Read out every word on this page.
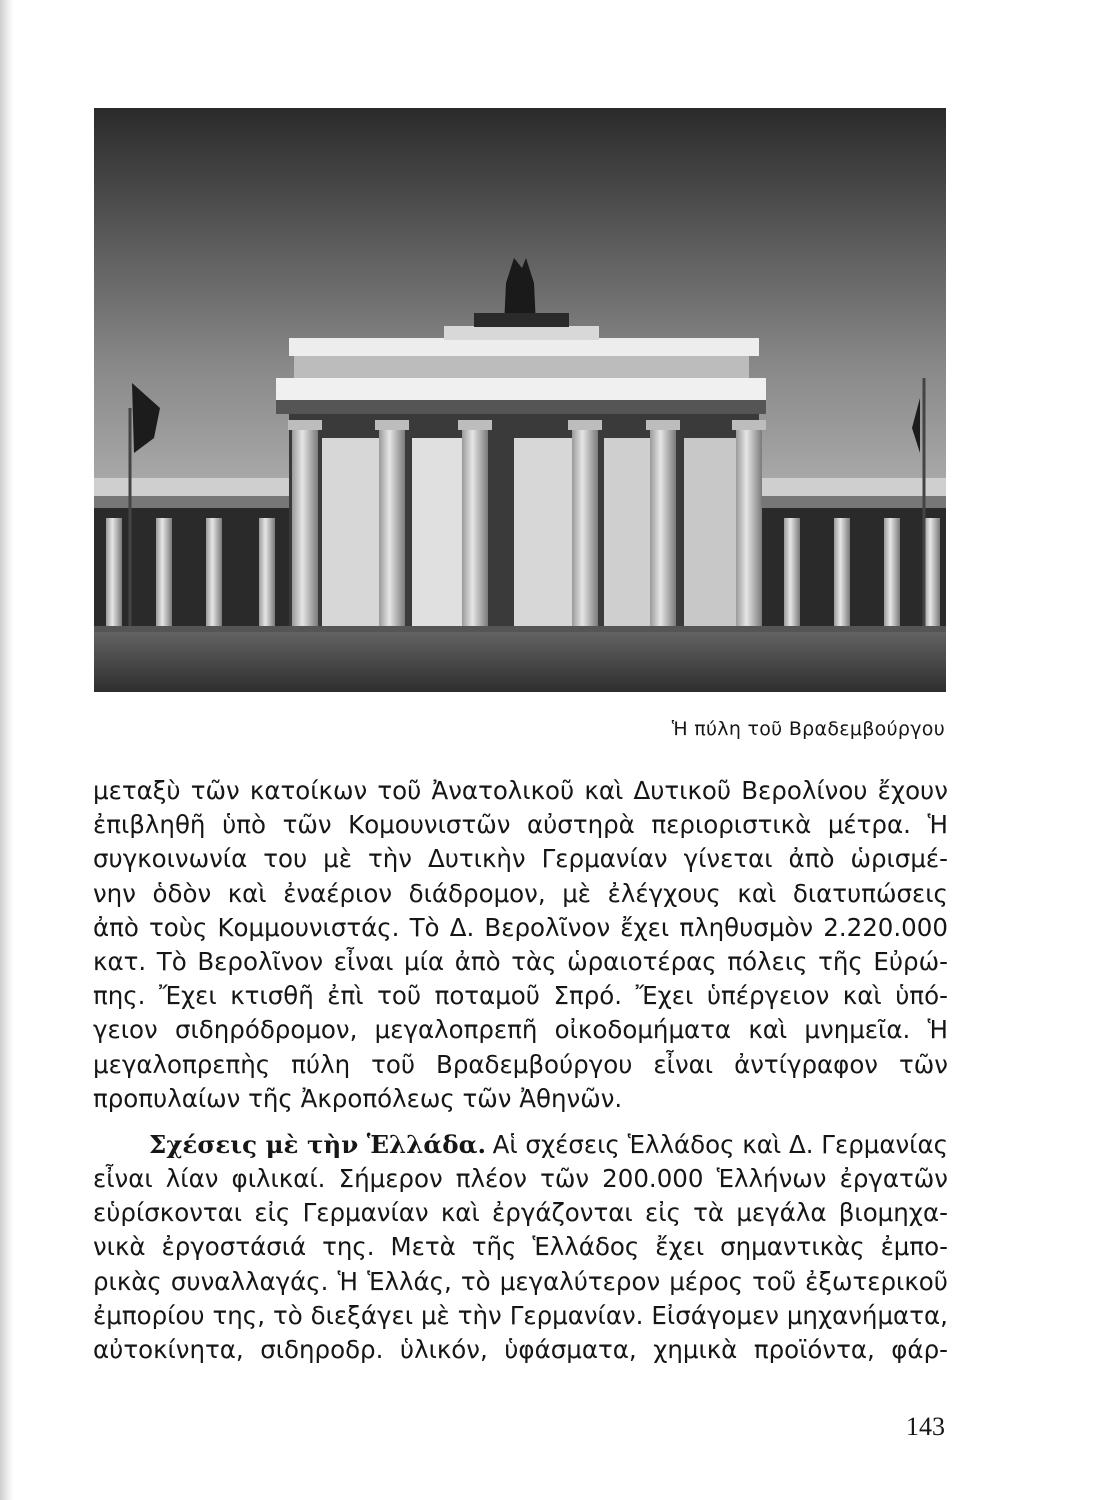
Ἡ πύλη τοῦ Βραδεμβούργου
μεταξὺ τῶν κατοίκων τοῦ Ἀνατολικοῦ καὶ Δυτικοῦ Βερολίνου ἔχουν
ἐπιβληθῆ ὑπὸ τῶν Κομουνιστῶν αὐστηρὰ περιοριστικὰ μέτρα. Ἡ
συγκοινωνία του μὲ τὴν Δυτικὴν Γερμανίαν γίνεται ἀπὸ ὡρισμέ-
νην ὁδὸν καὶ ἐναέριον διάδρομον, μὲ ἐλέγχους καὶ διατυπώσεις
ἀπὸ τοὺς Κομμουνιστάς. Τὸ Δ. Βερολῖνον ἔχει πληθυσμὸν 2.220.000
κατ. Τὸ Βερολῖνον εἶναι μία ἀπὸ τὰς ὡραιοτέρας πόλεις τῆς Εὐρώ-
πης. Ἔχει κτισθῆ ἐπὶ τοῦ ποταμοῦ Σπρό. Ἔχει ὑπέργειον καὶ ὑπό-
γειον σιδηρόδρομον, μεγαλοπρεπῆ οἰκοδομήματα καὶ μνημεῖα. Ἡ
μεγαλοπρεπὴς πύλη τοῦ Βραδεμβούργου εἶναι ἀντίγραφον τῶν
προπυλαίων τῆς Ἀκροπόλεως τῶν Ἀθηνῶν.
Σχέσεις μὲ τὴν Ἑλλάδα. Αἱ σχέσεις Ἑλλάδος καὶ Δ. Γερμανίας
εἶναι λίαν φιλικαί. Σήμερον πλέον τῶν 200.000 Ἑλλήνων ἐργατῶν
εὑρίσκονται εἰς Γερμανίαν καὶ ἐργάζονται εἰς τὰ μεγάλα βιομηχα-
νικὰ ἐργοστάσιά της. Μετὰ τῆς Ἑλλάδος ἔχει σημαντικὰς ἐμπο-
ρικὰς συναλλαγάς. Ἡ Ἑλλάς, τὸ μεγαλύτερον μέρος τοῦ ἐξωτερικοῦ
ἐμπορίου της, τὸ διεξάγει μὲ τὴν Γερμανίαν. Εἰσάγομεν μηχανήματα,
αὐτοκίνητα, σιδηροδρ. ὑλικόν, ὑφάσματα, χημικὰ προϊόντα, φάρ-
143
